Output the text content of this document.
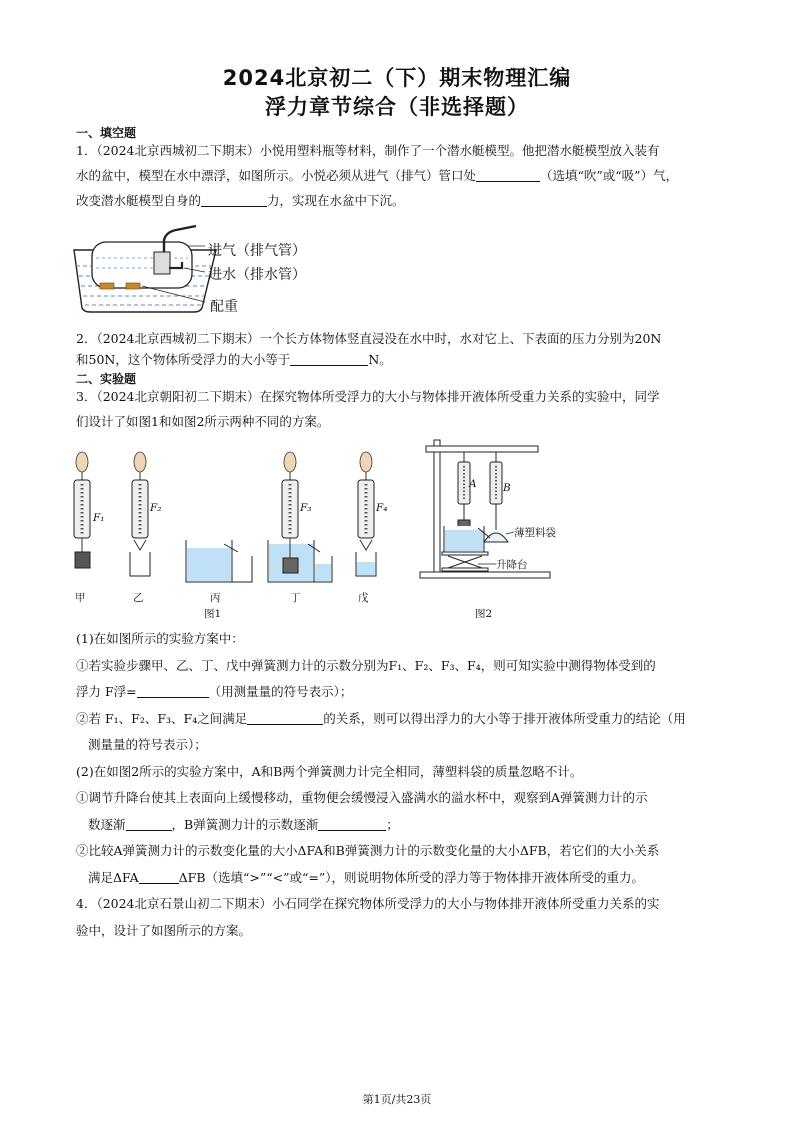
2024北京初二（下）期末物理汇编
浮力章节综合（非选择题）
一、填空题
1．（2024北京西城初二下期末）小悦用塑料瓶等材料，制作了一个潜水艇模型。他把潜水艇模型放入装有
水的盆中，模型在水中漂浮，如图所示。小悦必须从进气（排气）管口处	（选填“吹”或“吸”）气，
改变潜水艇模型自身的	力，实现在水盆中下沉。
进气（排气管）
进水（排水管）
配重
2．（2024北京西城初二下期末）一个长方体物体竖直浸没在水中时，水对它上、下表面的压力分别为20N
和50N，这个物体所受浮力的大小等于	N。
二、实验题
3．（2024北京朝阳初二下期末）在探究物体所受浮力的大小与物体排开液体所受重力关系的实验中，同学
们设计了如图1和如图2所示两种不同的方案。
F₁
F₂	F₃	F₄
甲	乙	丙	丁	戊
图1
A	B
薄塑料袋
升降台
图2
(1)在如图所示的实验方案中：
①若实验步骤甲、乙、丁、戊中弹簧测力计的示数分别为F₁、F₂、F₃、F₄，则可知实验中测得物体受到的
浮力 F浮=	（用测量量的符号表示）；
②若 F₁、F₂、F₃、F₄之间满足	的关系，则可以得出浮力的大小等于排开液体所受重力的结论（用
测量量的符号表示）；
(2)在如图2所示的实验方案中，A和B两个弹簧测力计完全相同，薄塑料袋的质量忽略不计。
①调节升降台使其上表面向上缓慢移动，重物便会缓慢浸入盛满水的溢水杯中，观察到A弹簧测力计的示
数逐渐	，B弹簧测力计的示数逐渐	；
②比较A弹簧测力计的示数变化量的大小ΔFA和B弹簧测力计的示数变化量的大小ΔFB，若它们的大小关系
满足ΔFA	ΔFB（选填“>”“<”或“=”），则说明物体所受的浮力等于物体排开液体所受的重力。
4．（2024北京石景山初二下期末）小石同学在探究物体所受浮力的大小与物体排开液体所受重力关系的实
验中，设计了如图所示的方案。
第1页/共23页
